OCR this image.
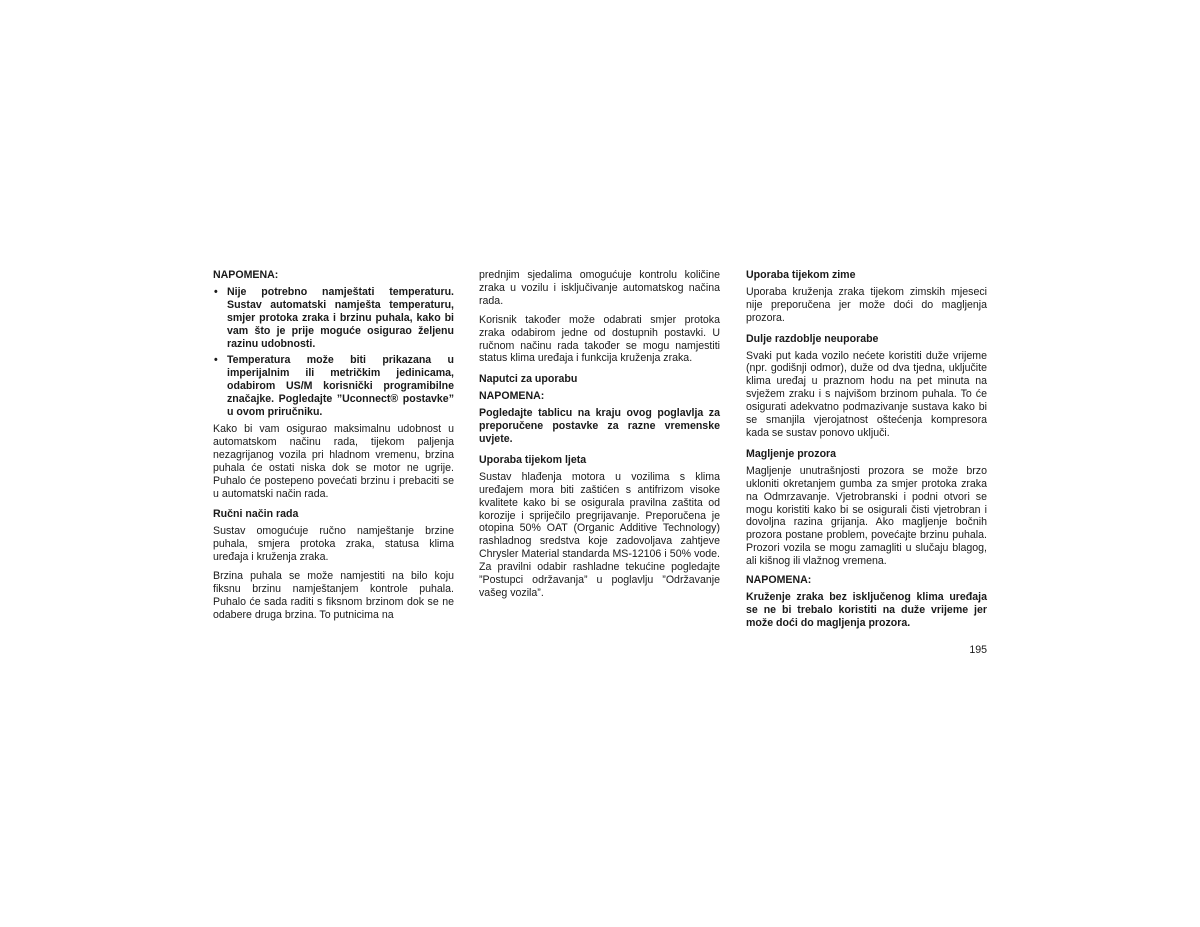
NAPOMENA:
• Nije potrebno namještati temperaturu. Sustav automatski namješta temperaturu, smjer protoka zraka i brzinu puhala, kako bi vam što je prije moguće osigurao željenu razinu udobnosti.
• Temperatura može biti prikazana u imperijalnim ili metričkim jedinicama, odabirom US/M korisnički programibilne značajke. Pogledajte ”Uconnect® postavke” u ovom priručniku.

Kako bi vam osigurao maksimalnu udobnost u automatskom načinu rada, tijekom paljenja nezagrijanog vozila pri hladnom vremenu, brzina puhala će ostati niska dok se motor ne ugrije. Puhalo će postepeno povećati brzinu i prebaciti se u automatski način rada.

Ručni način rada

Sustav omogućuje ručno namještanje brzine puhala, smjera protoka zraka, statusa klima uređaja i kruženja zraka.

Brzina puhala se može namjestiti na bilo koju fiksnu brzinu namještanjem kontrole puhala. Puhalo će sada raditi s fiksnom brzinom dok se ne odabere druga brzina. To putnicima na

prednjim sjedalima omogućuje kontrolu količine zraka u vozilu i isključivanje automatskog načina rada.

Korisnik također može odabrati smjer protoka zraka odabirom jedne od dostupnih postavki. U ručnom načinu rada također se mogu namjestiti status klima uređaja i funkcija kruženja zraka.

Naputci za uporabu
NAPOMENA:

Pogledajte tablicu na kraju ovog poglavlja za preporučene postavke za razne vremenske uvjete.

Uporaba tijekom ljeta

Sustav hlađenja motora u vozilima s klima uređajem mora biti zaštićen s antifrizom visoke kvalitete kako bi se osigurala pravilna zaštita od korozije i spriječilo pregrijavanje. Preporučena je otopina 50% OAT (Organic Additive Technology) rashladnog sredstva koje zadovoljava zahtjeve Chrysler Material standarda MS-12106 i 50% vode. Za pravilni odabir rashladne tekućine pogledajte ”Postupci održavanja” u poglavlju ”Održavanje vašeg vozila”.

Uporaba tijekom zime

Uporaba kruženja zraka tijekom zimskih mjeseci nije preporučena jer može doći do magljenja prozora.

Dulje razdoblje neuporabe

Svaki put kada vozilo nećete koristiti duže vrijeme (npr. godišnji odmor), duže od dva tjedna, uključite klima uređaj u praznom hodu na pet minuta na svježem zraku i s najvišom brzinom puhala. To će osigurati adekvatno podmazivanje sustava kako bi se smanjila vjerojatnost oštećenja kompresora kada se sustav ponovo uključi.

Magljenje prozora

Magljenje unutrašnjosti prozora se može brzo ukloniti okretanjem gumba za smjer protoka zraka na Odmrzavanje. Vjetrobranski i podni otvori se mogu koristiti kako bi se osigurali čisti vjetrobran i dovoljna razina grijanja. Ako magljenje bočnih prozora postane problem, povećajte brzinu puhala. Prozori vozila se mogu zamagliti u slučaju blagog, ali kišnog ili vlažnog vremena.

NAPOMENA:

Kruženje zraka bez isključenog klima uređaja se ne bi trebalo koristiti na duže vrijeme jer može doći do magljenja prozora.

195
